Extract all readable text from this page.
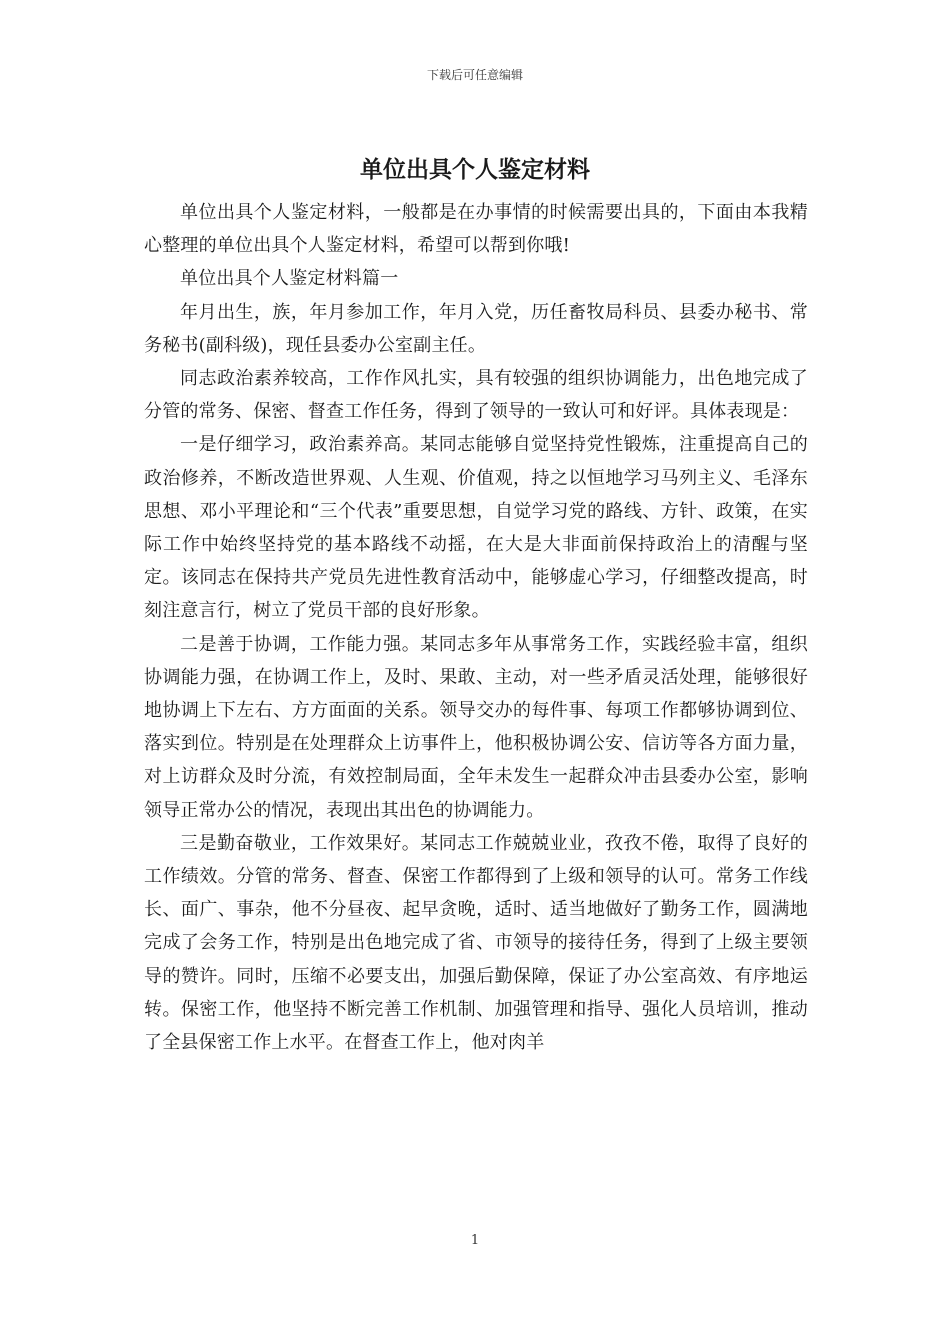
下载后可任意编辑
单位出具个人鉴定材料

单位出具个人鉴定材料，一般都是在办事情的时候需要出具的，下面由本我精心整理的单位出具个人鉴定材料，希望可以帮到你哦!

单位出具个人鉴定材料篇一

年月出生，族，年月参加工作，年月入党，历任畜牧局科员、县委办秘书、常务秘书(副科级)，现任县委办公室副主任。

同志政治素养较高，工作作风扎实，具有较强的组织协调能力，出色地完成了分管的常务、保密、督查工作任务，得到了领导的一致认可和好评。具体表现是：

一是仔细学习，政治素养高。某同志能够自觉坚持党性锻炼，注重提高自己的政治修养，不断改造世界观、人生观、价值观，持之以恒地学习马列主义、毛泽东思想、邓小平理论和“三个代表”重要思想，自觉学习党的路线、方针、政策，在实际工作中始终坚持党的基本路线不动摇，在大是大非面前保持政治上的清醒与坚定。该同志在保持共产党员先进性教育活动中，能够虚心学习，仔细整改提高，时刻注意言行，树立了党员干部的良好形象。

二是善于协调，工作能力强。某同志多年从事常务工作，实践经验丰富，组织协调能力强，在协调工作上，及时、果敢、主动，对一些矛盾灵活处理，能够很好地协调上下左右、方方面面的关系。领导交办的每件事、每项工作都够协调到位、落实到位。特别是在处理群众上访事件上，他积极协调公安、信访等各方面力量，对上访群众及时分流，有效控制局面，全年未发生一起群众冲击县委办公室，影响领导正常办公的情况，表现出其出色的协调能力。

三是勤奋敬业，工作效果好。某同志工作兢兢业业，孜孜不倦，取得了良好的工作绩效。分管的常务、督查、保密工作都得到了上级和领导的认可。常务工作线长、面广、事杂，他不分昼夜、起早贪晚，适时、适当地做好了勤务工作，圆满地完成了会务工作，特别是出色地完成了省、市领导的接待任务，得到了上级主要领导的赞许。同时，压缩不必要支出，加强后勤保障，保证了办公室高效、有序地运转。保密工作，他坚持不断完善工作机制、加强管理和指导、强化人员培训，推动了全县保密工作上水平。在督查工作上，他对肉羊

1
